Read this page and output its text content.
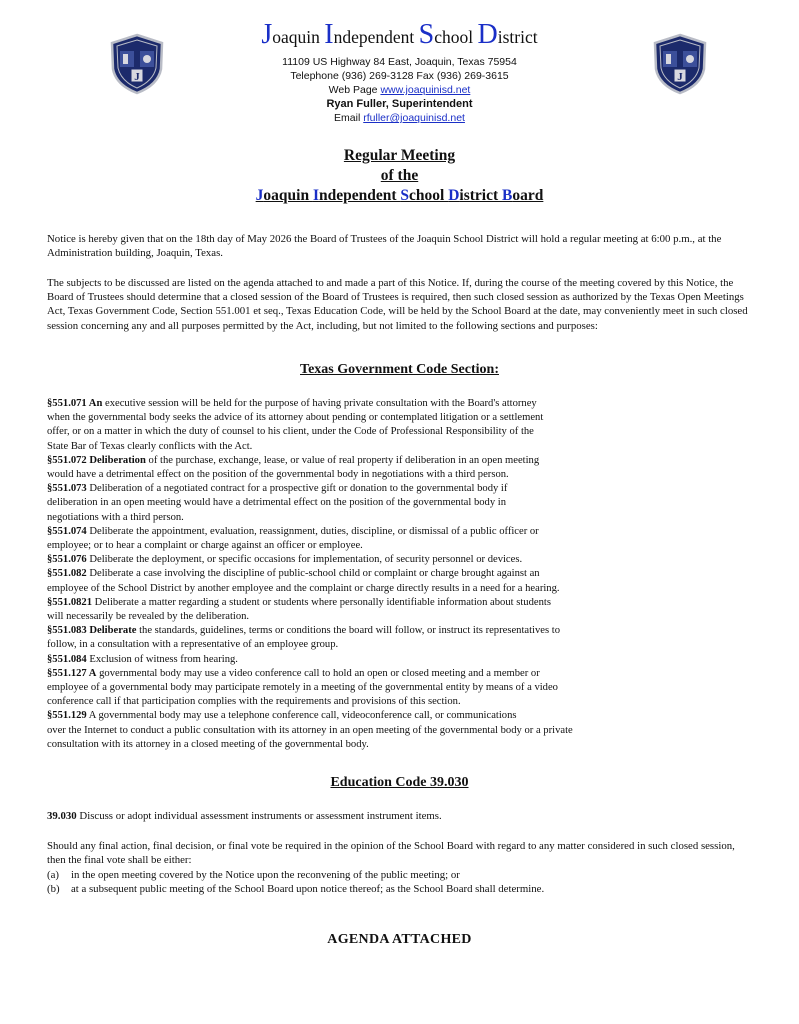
J	J
Joaquin Independent School District
11109 US Highway 84 East, Joaquin, Texas 75954
Telephone (936) 269-3128 Fax (936) 269-3615
Web Page www.joaquinisd.net
Ryan Fuller, Superintendent
Email rfuller@joaquinisd.net
Regular Meeting
of the
Joaquin Independent School District Board
Notice is hereby given that on the 18th day of May 2026 the Board of Trustees of the Joaquin School District will hold a regular meeting at 6:00 p.m., at the Administration building, Joaquin, Texas.
The subjects to be discussed are listed on the agenda attached to and made a part of this Notice. If, during the course of the meeting covered by this Notice, the Board of Trustees should determine that a closed session of the Board of Trustees is required, then such closed session as authorized by the Texas Open Meetings Act, Texas Government Code, Section 551.001 et seq., Texas Education Code, will be held by the School Board at the date, may conveniently meet in such closed session concerning any and all purposes permitted by the Act, including, but not limited to the following sections and purposes:
Texas Government Code Section:
§551.071 An executive session will be held for the purpose of having private consultation with the Board's attorney
when the governmental body seeks the advice of its attorney about pending or contemplated litigation or a settlement
offer, or on a matter in which the duty of counsel to his client, under the Code of Professional Responsibility of the
State Bar of Texas clearly conflicts with the Act.
§551.072 Deliberation of the purchase, exchange, lease, or value of real property if deliberation in an open meeting
would have a detrimental effect on the position of the governmental body in negotiations with a third person.
§551.073 Deliberation of a negotiated contract for a prospective gift or donation to the governmental body if
deliberation in an open meeting would have a detrimental effect on the position of the governmental body in
negotiations with a third person.
§551.074 Deliberate the appointment, evaluation, reassignment, duties, discipline, or dismissal of a public officer or
employee; or to hear a complaint or charge against an officer or employee.
§551.076 Deliberate the deployment, or specific occasions for implementation, of security personnel or devices.
§551.082 Deliberate a case involving the discipline of public-school child or complaint or charge brought against an
employee of the School District by another employee and the complaint or charge directly results in a need for a hearing.
§551.0821 Deliberate a matter regarding a student or students where personally identifiable information about students
will necessarily be revealed by the deliberation.
§551.083 Deliberate the standards, guidelines, terms or conditions the board will follow, or instruct its representatives to
follow, in a consultation with a representative of an employee group.
§551.084 Exclusion of witness from hearing.
§551.127 A governmental body may use a video conference call to hold an open or closed meeting and a member or
employee of a governmental body may participate remotely in a meeting of the governmental entity by means of a video
conference call if that participation complies with the requirements and provisions of this section.
§551.129 A governmental body may use a telephone conference call, videoconference call, or communications
over the Internet to conduct a public consultation with its attorney in an open meeting of the governmental body or a private
consultation with its attorney in a closed meeting of the governmental body.
Education Code 39.030
39.030 Discuss or adopt individual assessment instruments or assessment instrument items.
Should any final action, final decision, or final vote be required in the opinion of the School Board with regard to any matter considered in such closed session, then the final vote shall be either:
(a)	in the open meeting covered by the Notice upon the reconvening of the public meeting; or
(b)	at a subsequent public meeting of the School Board upon notice thereof; as the School Board shall determine.
AGENDA ATTACHED
